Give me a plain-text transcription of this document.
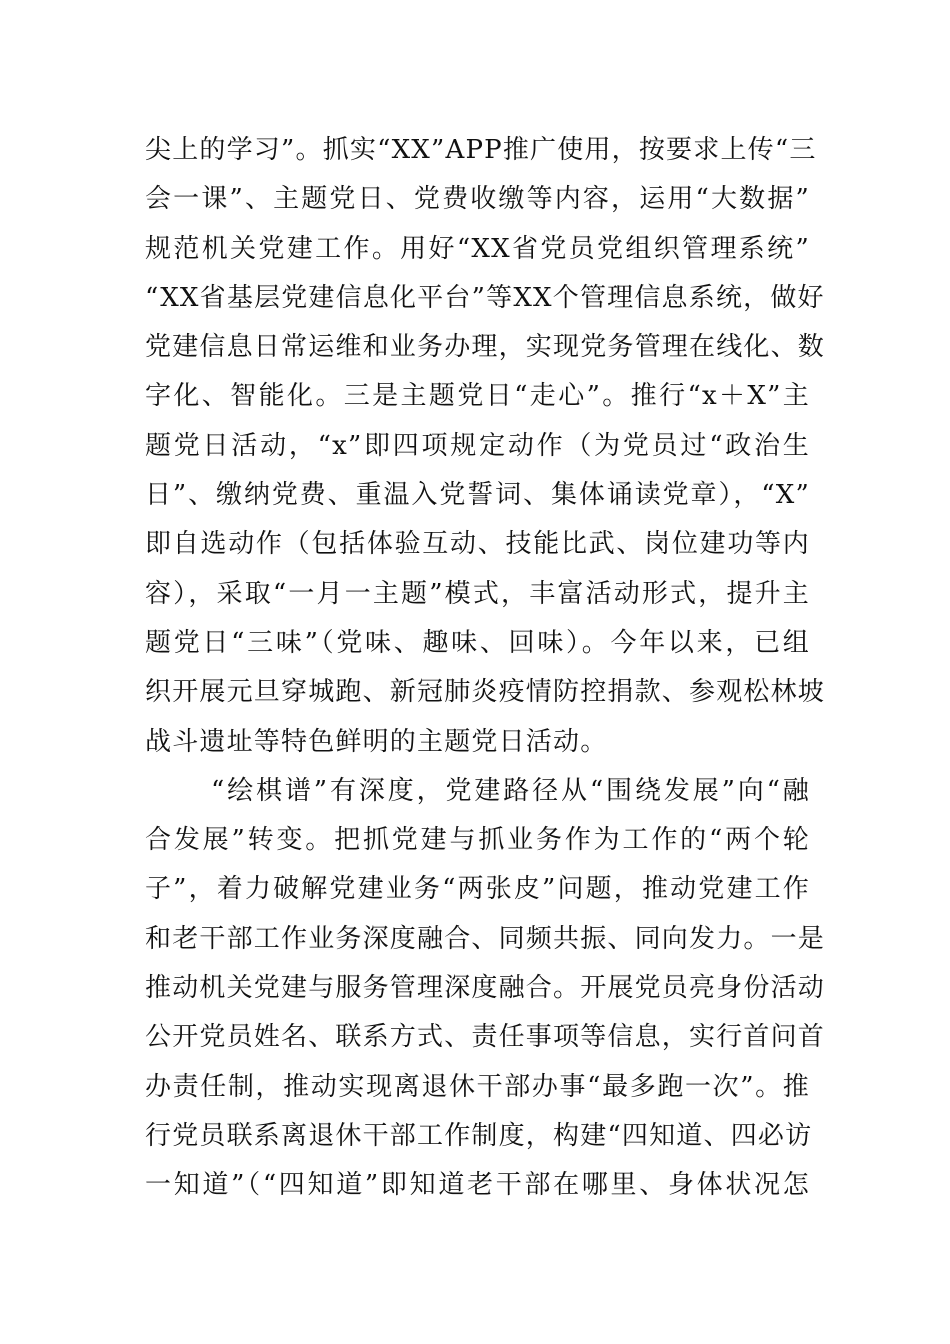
尖上的学习”。抓实“XX”APP推广使用，按要求上传“三
会一课”、主题党日、党费收缴等内容，运用“大数据”
规范机关党建工作。用好“XX省党员党组织管理系统”
“XX省基层党建信息化平台”等XX个管理信息系统，做好
党建信息日常运维和业务办理，实现党务管理在线化、数
字化、智能化。三是主题党日“走心”。推行“x＋X”主
题党日活动，“x”即四项规定动作（为党员过“政治生
日”、缴纳党费、重温入党誓词、集体诵读党章），“X”
即自选动作（包括体验互动、技能比武、岗位建功等内
容），采取“一月一主题”模式，丰富活动形式，提升主
题党日“三味”（党味、趣味、回味）。今年以来，已组
织开展元旦穿城跑、新冠肺炎疫情防控捐款、参观松林坡
战斗遗址等特色鲜明的主题党日活动。
“绘棋谱”有深度，党建路径从“围绕发展”向“融
合发展”转变。把抓党建与抓业务作为工作的“两个轮
子”，着力破解党建业务“两张皮”问题，推动党建工作
和老干部工作业务深度融合、同频共振、同向发力。一是
推动机关党建与服务管理深度融合。开展党员亮身份活动
公开党员姓名、联系方式、责任事项等信息，实行首问首
办责任制，推动实现离退休干部办事“最多跑一次”。推
行党员联系离退休干部工作制度，构建“四知道、四必访
一知道”（“四知道”即知道老干部在哪里、身体状况怎
